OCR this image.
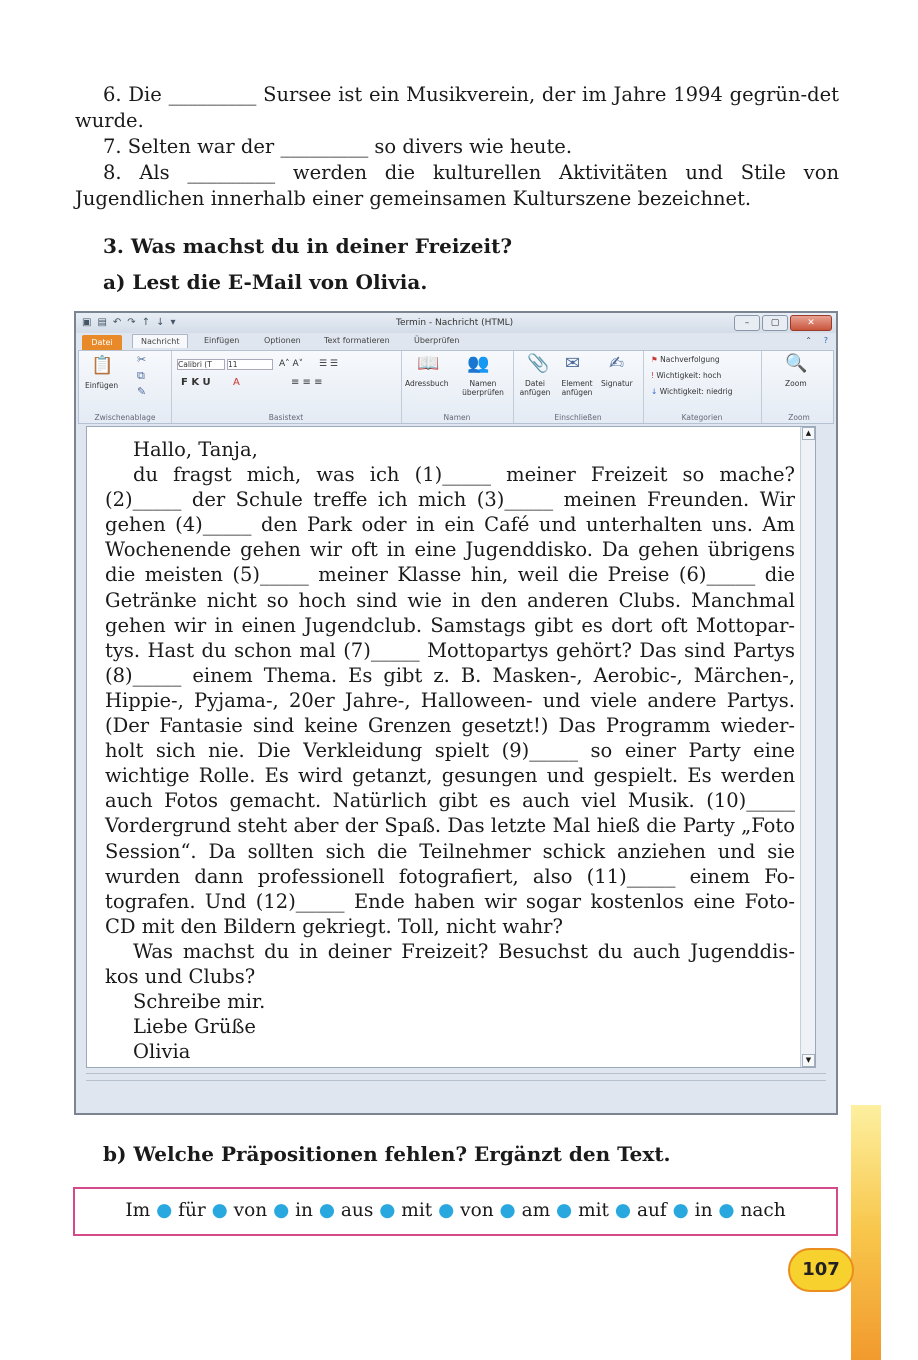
6. Die _________ Sursee ist ein Musikverein, der im Jahre 1994 gegrün-det wurde.
7. Selten war der _________ so divers wie heute.
8. Als _________ werden die kulturellen Aktivitäten und Stile von Jugendlichen innerhalb einer gemeinsamen Kulturszene bezeichnet.
3. Was machst du in deiner Freizeit?
a) Lest die E-Mail von Olivia.
▣ ▤ ↶ ↷ ↑ ↓ ▾	Termin - Nachricht (HTML)	–	▢	✕
Datei	Nachricht	Einfügen	Optionen	Text formatieren	Überprüfen	⌃ ?
📋
Einfügen
✂
⧉
✎
Zwischenablage
Calibri (T	11	A˄ A˅ ☰ ☰
F K U A	≡ ≡ ≡
Basistext
📖 👥
Adressbuch	Namen überprüfen
Namen
📎 ✉ ✍
Datei anfügen
Element anfügen
Signatur
Einschließen
⚑ Nachverfolgung
! Wichtigkeit: hoch
↓ Wichtigkeit: niedrig
Kategorien
🔍
Zoom
Zoom
Hallo, Tanja,
du fragst mich, was ich (1)_____ meiner Freizeit so mache? (2)_____ der Schule treffe ich mich (3)_____ meinen Freunden. Wir gehen (4)_____ den Park oder in ein Café und unterhalten uns. Am Wochenende gehen wir oft in eine Jugenddisko. Da gehen übrigens die meisten (5)_____ meiner Klasse hin, weil die Preise (6)_____ die Getränke nicht so hoch sind wie in den anderen Clubs. Manchmal gehen wir in einen Jugendclub. Samstags gibt es dort oft Mottopar-tys. Hast du schon mal (7)_____ Mottopartys gehört? Das sind Partys (8)_____ einem Thema. Es gibt z. B. Masken-, Aerobic-, Märchen-, Hippie-, Pyjama-, 20er Jahre-, Halloween- und viele andere Partys. (Der Fantasie sind keine Grenzen gesetzt!) Das Programm wieder-holt sich nie. Die Verkleidung spielt (9)_____ so einer Party eine wichtige Rolle. Es wird getanzt, gesungen und gespielt. Es werden auch Fotos gemacht. Natürlich gibt es auch viel Musik. (10)_____ Vordergrund steht aber der Spaß. Das letzte Mal hieß die Party „Foto Session“. Da sollten sich die Teilnehmer schick anziehen und sie wurden dann professionell fotografiert, also (11)_____ einem Fo-tografen. Und (12)_____ Ende haben wir sogar kostenlos eine Foto-CD mit den Bildern gekriegt. Toll, nicht wahr?
Was machst du in deiner Freizeit? Besuchst du auch Jugenddis-kos und Clubs?
Schreibe mir.
Liebe Grüße
Olivia
▲
▼
b) Welche Präpositionen fehlen? Ergänzt den Text.
Im ● für ● von ● in ● aus ● mit ● von ● am ● mit ● auf ● in ● nach
107
